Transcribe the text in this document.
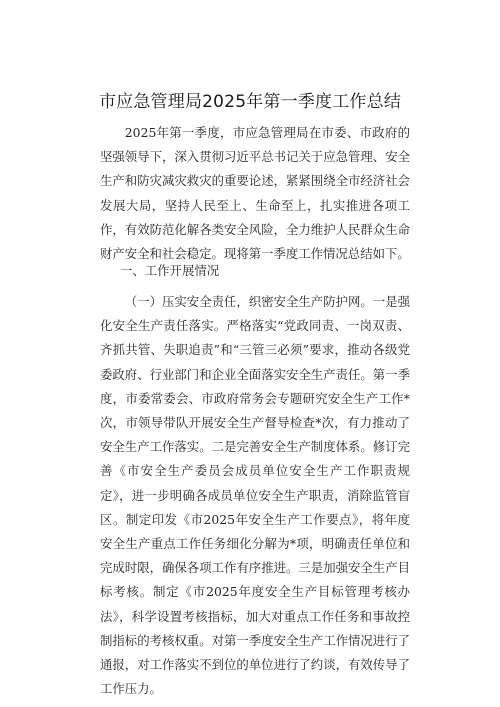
市应急管理局2025年第一季度工作总结
2025年第一季度，市应急管理局在市委、市政府的坚强领导下，深入贯彻习近平总书记关于应急管理、安全生产和防灾减灾救灾的重要论述，紧紧围绕全市经济社会发展大局，坚持人民至上、生命至上，扎实推进各项工作，有效防范化解各类安全风险，全力维护人民群众生命财产安全和社会稳定。现将第一季度工作情况总结如下。
一、工作开展情况
（一）压实安全责任，织密安全生产防护网。一是强化安全生产责任落实。严格落实“党政同责、一岗双责、齐抓共管、失职追责”和“三管三必须”要求，推动各级党委政府、行业部门和企业全面落实安全生产责任。第一季度，市委常委会、市政府常务会专题研究安全生产工作*次，市领导带队开展安全生产督导检查*次，有力推动了安全生产工作落实。二是完善安全生产制度体系。修订完善《市安全生产委员会成员单位安全生产工作职责规定》，进一步明确各成员单位安全生产职责，消除监管盲区。制定印发《市2025年安全生产工作要点》，将年度安全生产重点工作任务细化分解为*项，明确责任单位和完成时限，确保各项工作有序推进。三是加强安全生产目标考核。制定《市2025年度安全生产目标管理考核办法》，科学设置考核指标，加大对重点工作任务和事故控制指标的考核权重。对第一季度安全生产工作情况进行了通报，对工作落实不到位的单位进行了约谈，有效传导了工作压力。
